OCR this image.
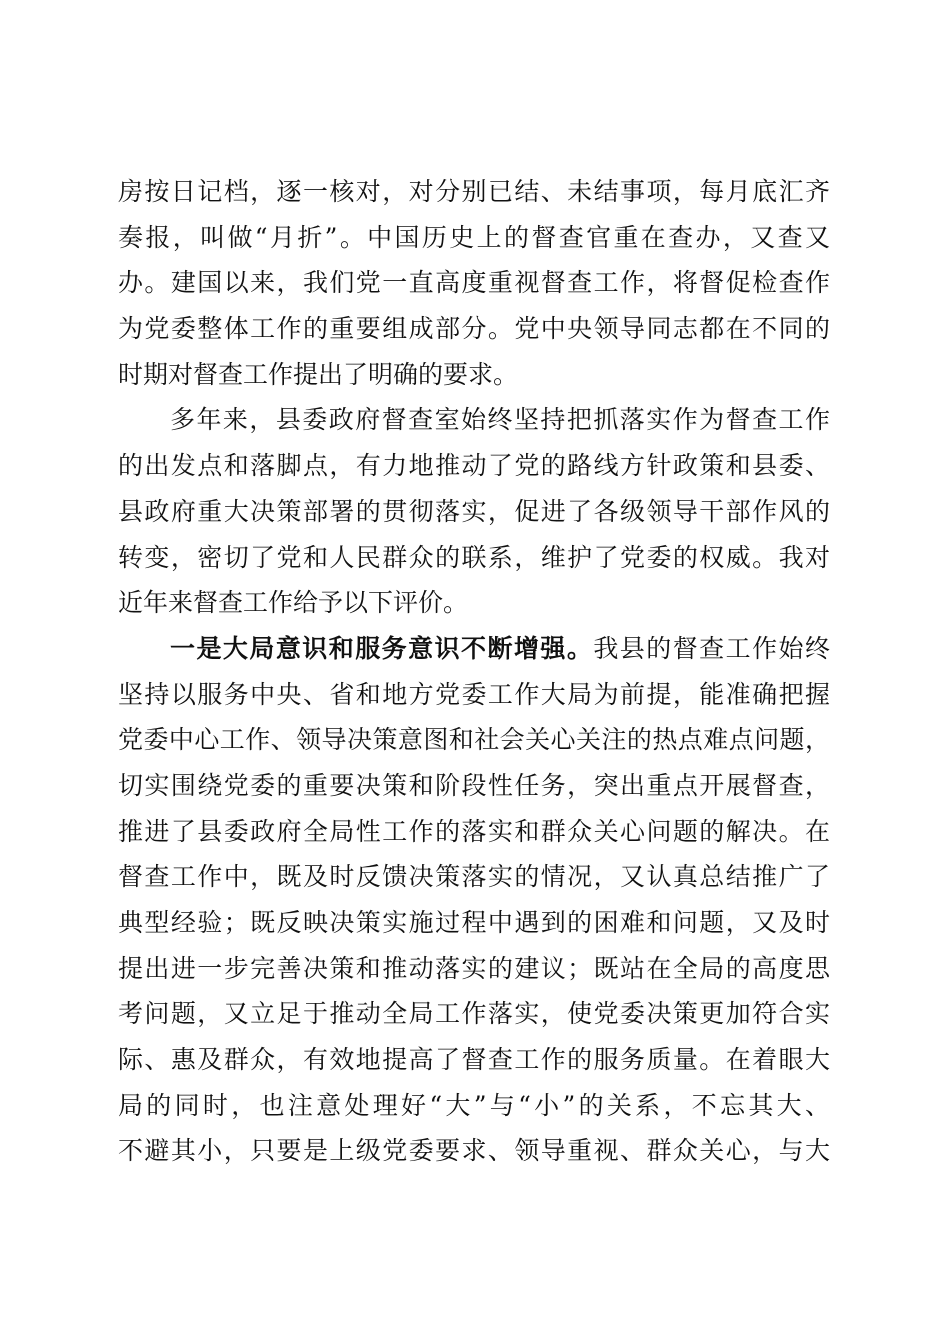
房按日记档，逐一核对，对分别已结、未结事项，每月底汇齐
奏报，叫做“月折”。中国历史上的督查官重在查办，又查又
办。建国以来，我们党一直高度重视督查工作，将督促检查作
为党委整体工作的重要组成部分。党中央领导同志都在不同的
时期对督查工作提出了明确的要求。
多年来，县委政府督查室始终坚持把抓落实作为督查工作
的出发点和落脚点，有力地推动了党的路线方针政策和县委、
县政府重大决策部署的贯彻落实，促进了各级领导干部作风的
转变，密切了党和人民群众的联系，维护了党委的权威。我对
近年来督查工作给予以下评价。
一是大局意识和服务意识不断增强。我县的督查工作始终
坚持以服务中央、省和地方党委工作大局为前提，能准确把握
党委中心工作、领导决策意图和社会关心关注的热点难点问题，
切实围绕党委的重要决策和阶段性任务，突出重点开展督查，
推进了县委政府全局性工作的落实和群众关心问题的解决。在
督查工作中，既及时反馈决策落实的情况，又认真总结推广了
典型经验；既反映决策实施过程中遇到的困难和问题，又及时
提出进一步完善决策和推动落实的建议；既站在全局的高度思
考问题，又立足于推动全局工作落实，使党委决策更加符合实
际、惠及群众，有效地提高了督查工作的服务质量。在着眼大
局的同时，也注意处理好“大”与“小”的关系，不忘其大、
不避其小，只要是上级党委要求、领导重视、群众关心，与大
